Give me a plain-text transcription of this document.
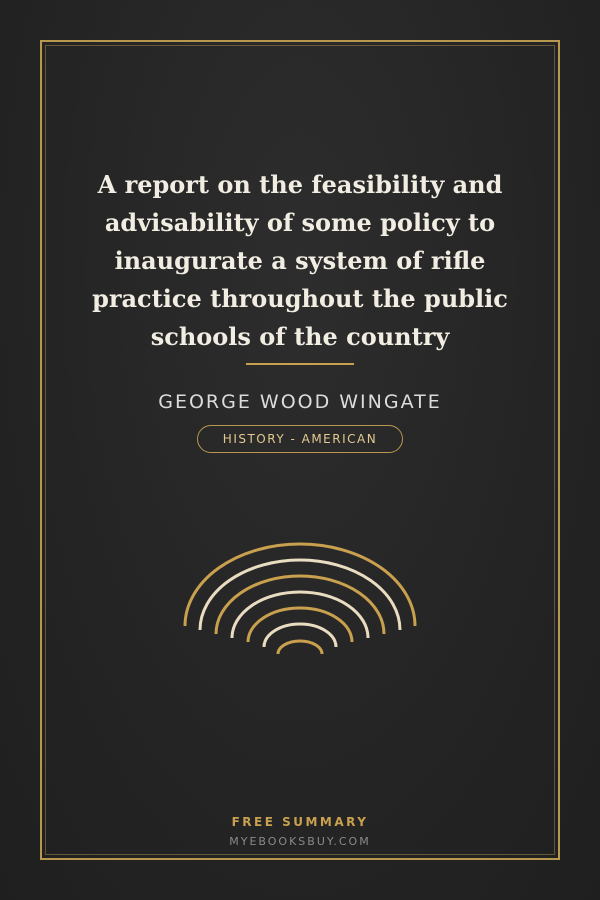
A report on the feasibility and advisability of some policy to inaugurate a system of rifle practice throughout the public schools of the country
GEORGE WOOD WINGATE
HISTORY - AMERICAN
FREE SUMMARY
MYEBOOKSBUY.COM
